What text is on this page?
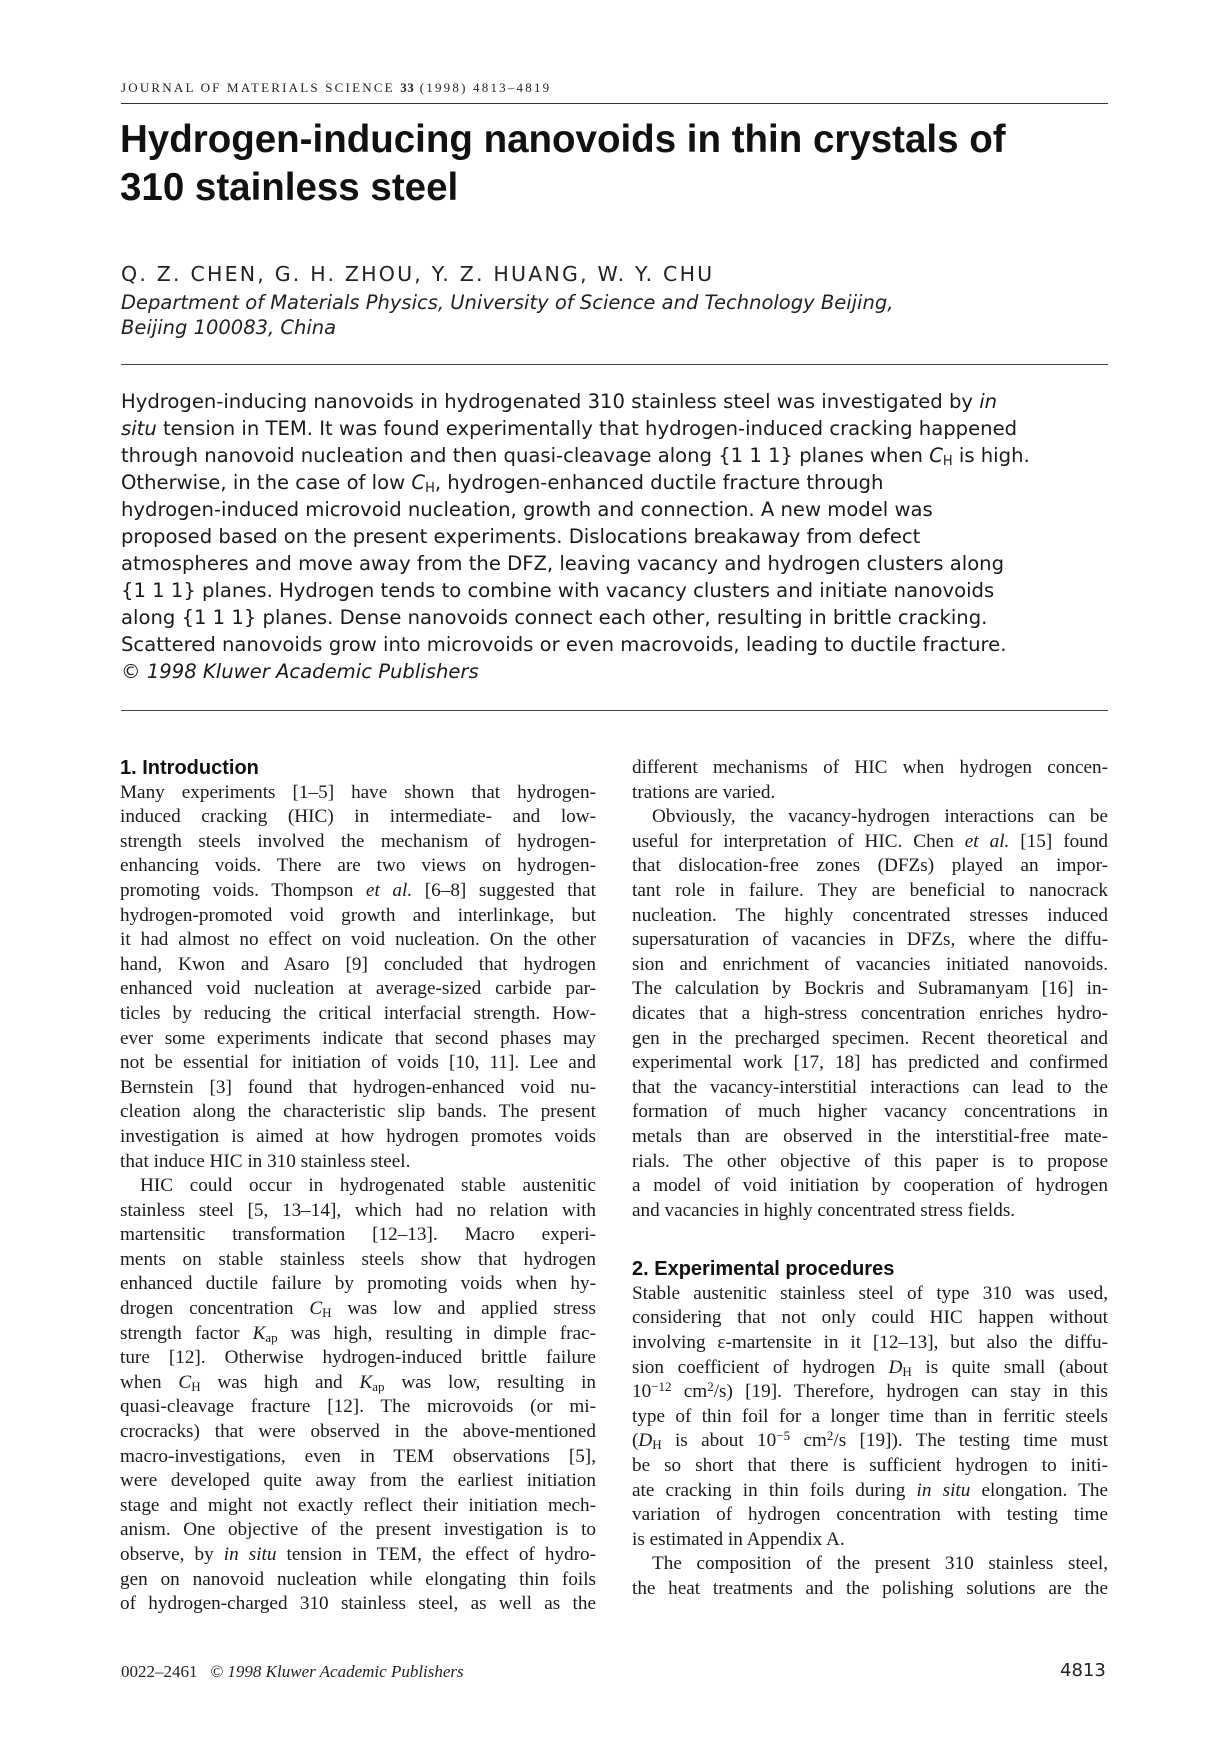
JOURNAL OF MATERIALS SCIENCE 33 (1998) 4813–4819
Hydrogen-inducing nanovoids in thin crystals of
310 stainless steel
Q. Z. CHEN, G. H. ZHOU, Y. Z. HUANG, W. Y. CHU

Department of Materials Physics, University of Science and Technology Beijing,
Beijing 100083, China

Hydrogen-inducing nanovoids in hydrogenated 310 stainless steel was investigated by in
situ tension in TEM. It was found experimentally that hydrogen-induced cracking happened
through nanovoid nucleation and then quasi-cleavage along {1 1 1} planes when $C_H$ is high.
Otherwise, in the case of low $C_H$, hydrogen-enhanced ductile fracture through
hydrogen-induced microvoid nucleation, growth and connection. A new model was
proposed based on the present experiments. Dislocations breakaway from defect
atmospheres and move away from the DFZ, leaving vacancy and hydrogen clusters along
{1 1 1} planes. Hydrogen tends to combine with vacancy clusters and initiate nanovoids
along {1 1 1} planes. Dense nanovoids connect each other, resulting in brittle cracking.
Scattered nanovoids grow into microvoids or even macrovoids, leading to ductile fracture.
© 1998 Kluwer Academic Publishers

1. Introduction
Many experiments [1–5] have shown that hydrogen-
induced cracking (HIC) in intermediate- and low-
strength steels involved the mechanism of hydrogen-
enhancing voids. There are two views on hydrogen-
promoting voids. Thompson et al. [6–8] suggested that
hydrogen-promoted void growth and interlinkage, but
it had almost no effect on void nucleation. On the other
hand, Kwon and Asaro [9] concluded that hydrogen
enhanced void nucleation at average-sized carbide par-
ticles by reducing the critical interfacial strength. How-
ever some experiments indicate that second phases may
not be essential for initiation of voids [10, 11]. Lee and
Bernstein [3] found that hydrogen-enhanced void nu-
cleation along the characteristic slip bands. The present
investigation is aimed at how hydrogen promotes voids
that induce HIC in 310 stainless steel.
HIC could occur in hydrogenated stable austenitic
stainless steel [5, 13–14], which had no relation with
martensitic transformation [12–13]. Macro experi-
ments on stable stainless steels show that hydrogen
enhanced ductile failure by promoting voids when hy-
drogen concentration $C_H$ was low and applied stress
strength factor $K_{ap}$ was high, resulting in dimple frac-
ture [12]. Otherwise hydrogen-induced brittle failure
when $C_H$ was high and $K_{ap}$ was low, resulting in
quasi-cleavage fracture [12]. The microvoids (or mi-
crocracks) that were observed in the above-mentioned
macro-investigations, even in TEM observations [5],
were developed quite away from the earliest initiation
stage and might not exactly reflect their initiation mech-
anism. One objective of the present investigation is to
observe, by in situ tension in TEM, the effect of hydro-
gen on nanovoid nucleation while elongating thin foils
of hydrogen-charged 310 stainless steel, as well as the
different mechanisms of HIC when hydrogen concen-
trations are varied.
Obviously, the vacancy-hydrogen interactions can be
useful for interpretation of HIC. Chen et al. [15] found
that dislocation-free zones (DFZs) played an impor-
tant role in failure. They are beneficial to nanocrack
nucleation. The highly concentrated stresses induced
supersaturation of vacancies in DFZs, where the diffu-
sion and enrichment of vacancies initiated nanovoids.
The calculation by Bockris and Subramanyam [16] in-
dicates that a high-stress concentration enriches hydro-
gen in the precharged specimen. Recent theoretical and
experimental work [17, 18] has predicted and confirmed
that the vacancy-interstitial interactions can lead to the
formation of much higher vacancy concentrations in
metals than are observed in the interstitial-free mate-
rials. The other objective of this paper is to propose
a model of void initiation by cooperation of hydrogen
and vacancies in highly concentrated stress fields.
2. Experimental procedures
Stable austenitic stainless steel of type 310 was used,
considering that not only could HIC happen without
involving ε-martensite in it [12–13], but also the diffu-
sion coefficient of hydrogen $D_H$ is quite small (about
$10^{-12}$ $cm^2/s$) [19]. Therefore, hydrogen can stay in this
type of thin foil for a longer time than in ferritic steels
($D_H$ is about $10^{-5}$ $cm^2/s$ [19]). The testing time must
be so short that there is sufficient hydrogen to initi-
ate cracking in thin foils during in situ elongation. The
variation of hydrogen concentration with testing time
is estimated in Appendix A.
The composition of the present 310 stainless steel,
the heat treatments and the polishing solutions are the
0022–2461 © 1998 Kluwer Academic Publishers	4813
